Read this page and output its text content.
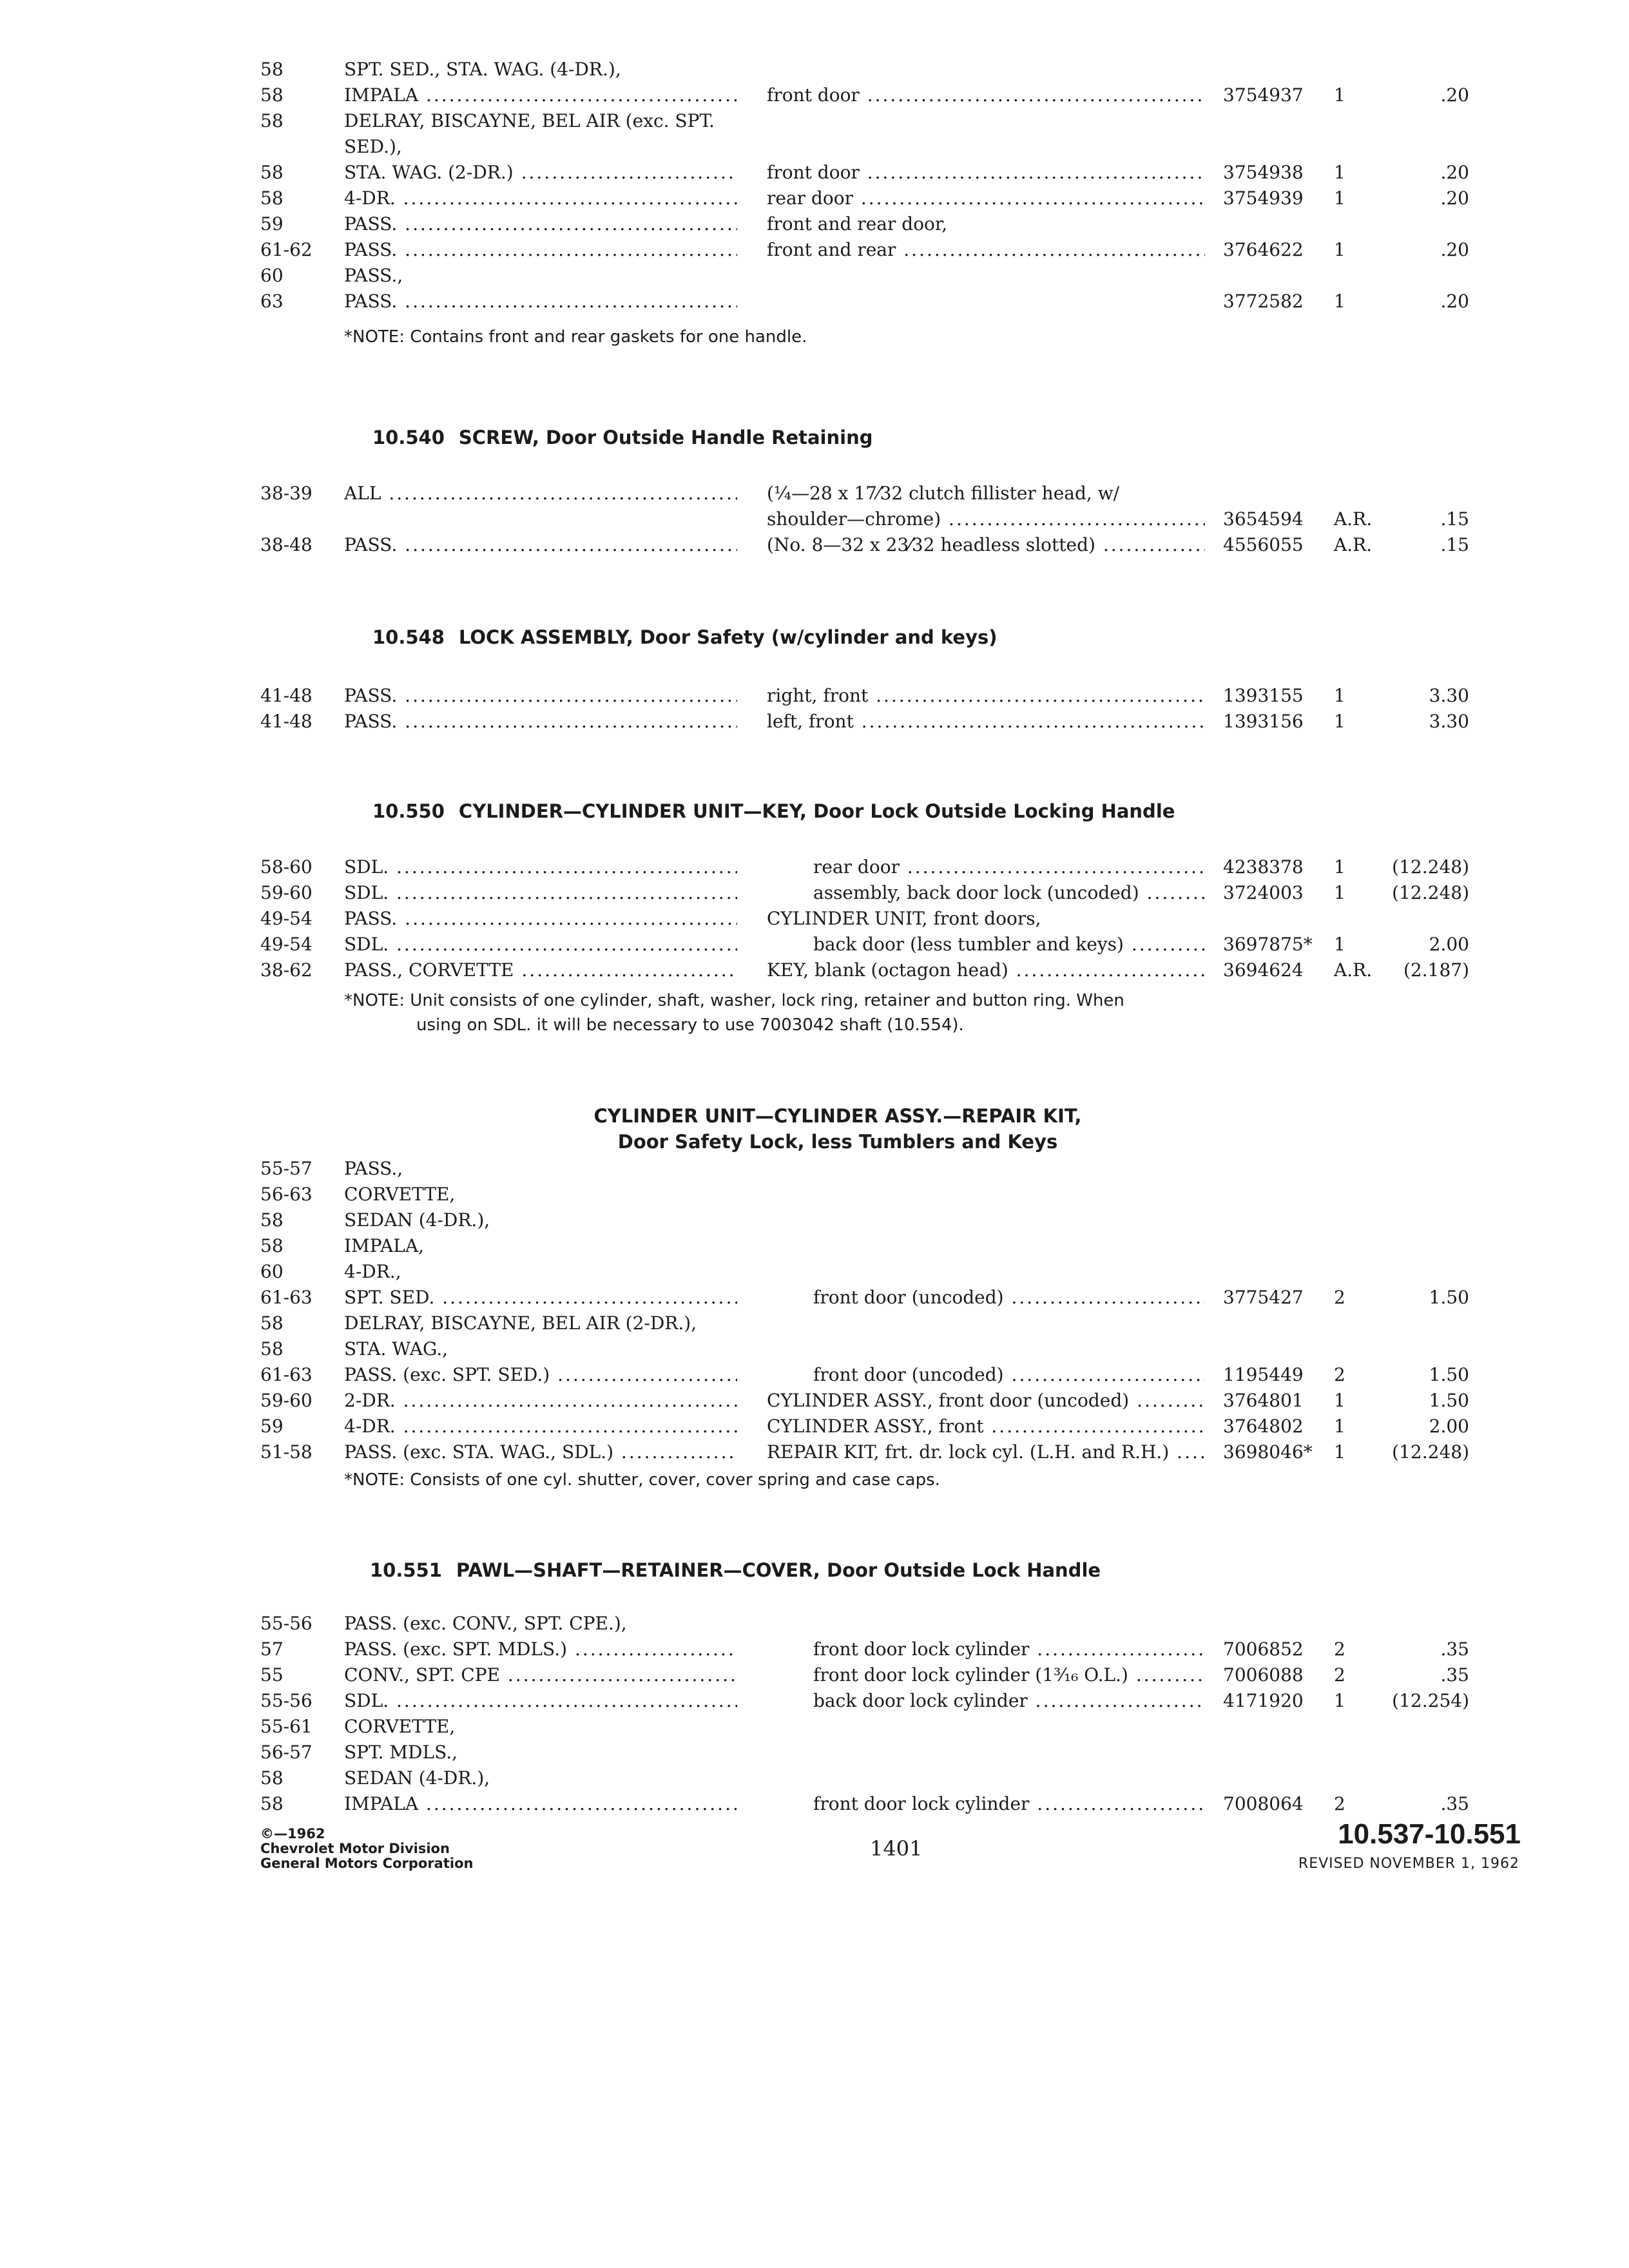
58	SPT. SED., STA. WAG. (4-DR.),
58	IMPALA .....	front door .....	3754937 1	.20
58	DELRAY, BISCAYNE, BEL AIR (exc. SPT.
SED.),
58	STA. WAG. (2-DR.) .....	front door .....	3754938 1	.20
58	4-DR. .....	rear door .....	3754939 1	.20
59	PASS. .....	front and rear door,
61-62 PASS. .....	front and rear .....	3764622 1	.20
60	PASS.,
63	PASS. .....	3772582 1	.20
*NOTE: Contains front and rear gaskets for one handle.
10.540 SCREW, Door Outside Handle Retaining
38-39 ALL .....	(¼—28 x 17⁄32 clutch fillister head, w/
shoulder—chrome) .....	3654594 A.R.	.15
38-48 PASS. .....	(No. 8—32 x 23⁄32 headless slotted) .....	4556055 A.R.	.15
10.548 LOCK ASSEMBLY, Door Safety (w/cylinder and keys)
41-48 PASS. .....	right, front .....	1393155 1	3.30
41-48 PASS. .....	left, front .....	1393156 1	3.30
10.550 CYLINDER—CYLINDER UNIT—KEY, Door Lock Outside Locking Handle
58-60 SDL. .....	rear door .....	4238378 1	(12.248)
59-60 SDL. .....	assembly, back door lock (uncoded) .....	3724003 1	(12.248)
49-54 PASS. .....	CYLINDER UNIT, front doors,
49-54 SDL. .....	back door (less tumbler and keys) .....	3697875* 1	2.00
38-62 PASS., CORVETTE .....	KEY, blank (octagon head) .....	3694624 A.R.	(2.187)
*NOTE: Unit consists of one cylinder, shaft, washer, lock ring, retainer and button ring. When
using on SDL. it will be necessary to use 7003042 shaft (10.554).
CYLINDER UNIT—CYLINDER ASSY.—REPAIR KIT,
Door Safety Lock, less Tumblers and Keys
55-57 PASS.,
56-63 CORVETTE,
58	SEDAN (4-DR.),
58	IMPALA,
60	4-DR.,
61-63 SPT. SED. .....	front door (uncoded) .....	3775427 2	1.50
58	DELRAY, BISCAYNE, BEL AIR (2-DR.),
58	STA. WAG.,
61-63 PASS. (exc. SPT. SED.) .....	front door (uncoded) .....	1195449 2	1.50
59-60 2-DR. .....	CYLINDER ASSY., front door (uncoded) .....	3764801 1	1.50
59	4-DR. .....	CYLINDER ASSY., front .....	3764802 1	2.00
51-58 PASS. (exc. STA. WAG., SDL.) .....	REPAIR KIT, frt. dr. lock cyl. (L.H. and R.H.) .....	3698046* 1	(12.248)
*NOTE: Consists of one cyl. shutter, cover, cover spring and case caps.
10.551 PAWL—SHAFT—RETAINER—COVER, Door Outside Lock Handle
55-56 PASS. (exc. CONV., SPT. CPE.),
57	PASS. (exc. SPT. MDLS.) .....	front door lock cylinder .....	7006852 2	.35
55	CONV., SPT. CPE .....	front door lock cylinder (1³⁄₁₆ O.L.) .....	7006088 2	.35
55-56 SDL. .....	back door lock cylinder .....	4171920 1	(12.254)
55-61 CORVETTE,
56-57 SPT. MDLS.,
58	SEDAN (4-DR.),
58	IMPALA .....	front door lock cylinder .....	7008064 2	.35
©—1962
Chevrolet Motor Division
General Motors Corporation
1401	10.537-10.551
REVISED NOVEMBER 1, 1962
